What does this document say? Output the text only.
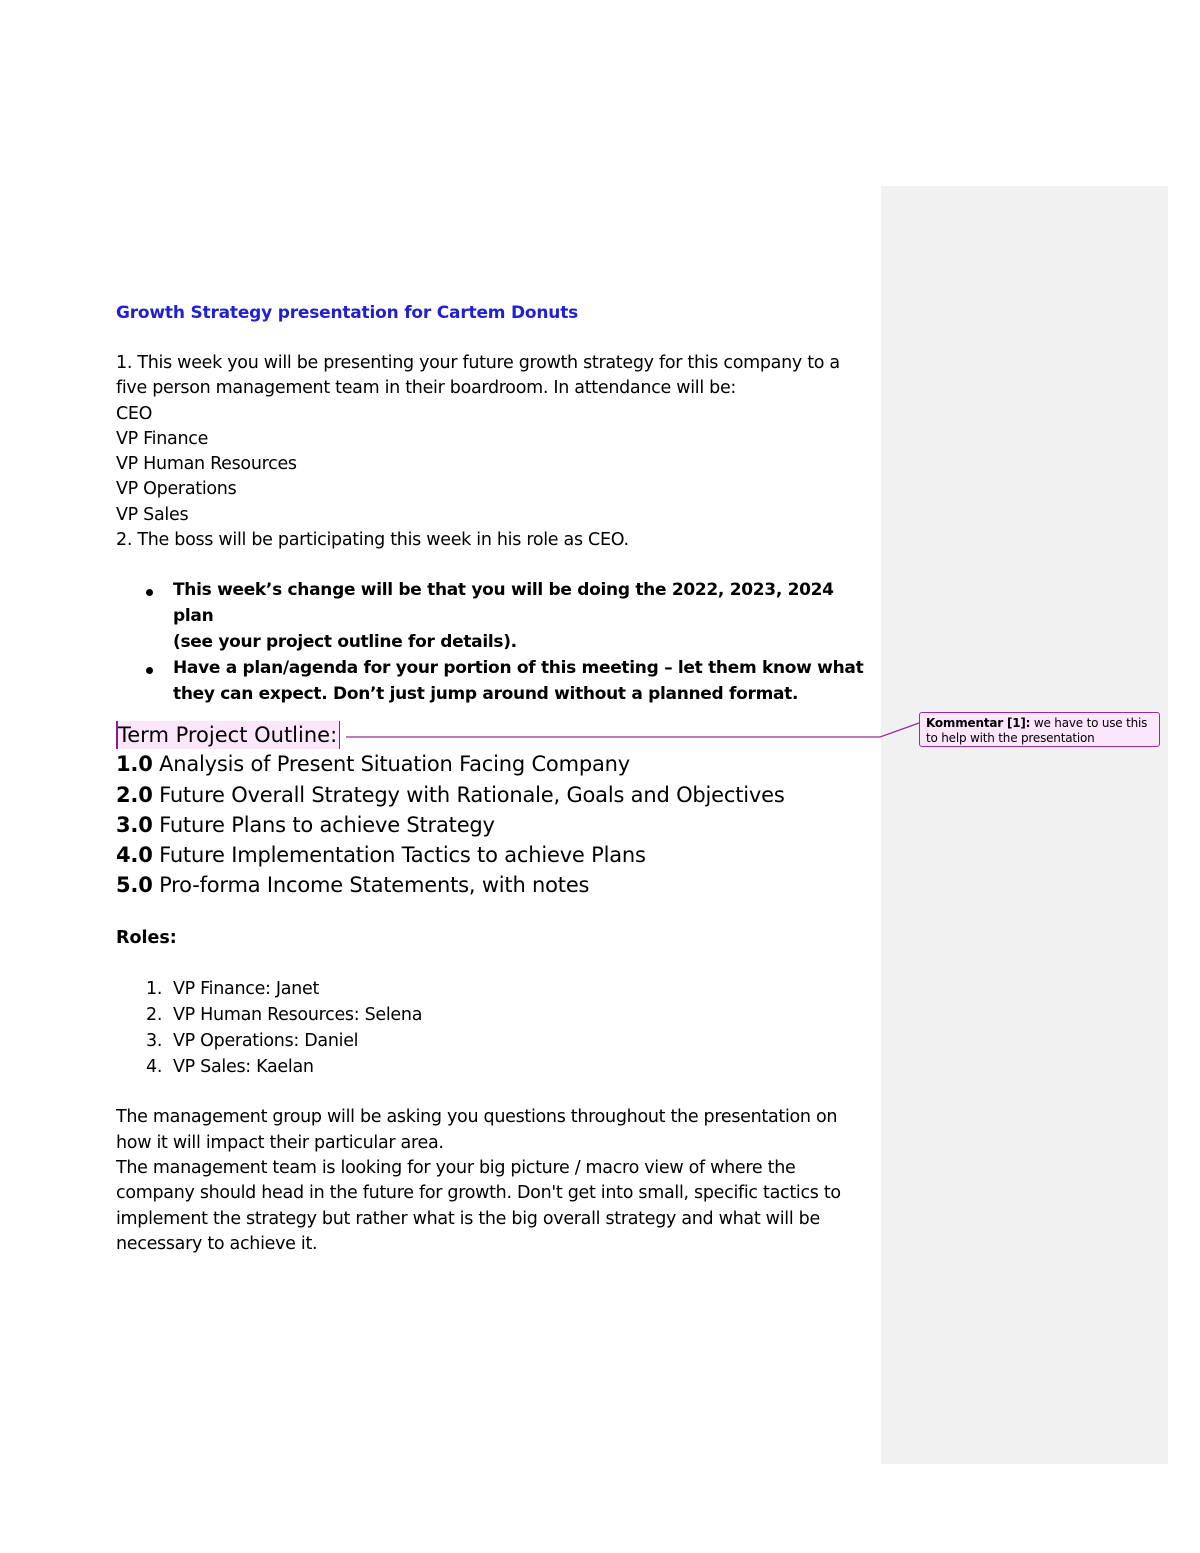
Growth Strategy presentation for Cartem Donuts

1. This week you will be presenting your future growth strategy for this company to a

five person management team in their boardroom. In attendance will be:

CEO

VP Finance

VP Human Resources

VP Operations

VP Sales

2. The boss will be participating this week in his role as CEO.

This week’s change will be that you will be doing the 2022, 2023, 2024 plan
(see your project outline for details).
Have a plan/agenda for your portion of this meeting – let them know what
they can expect. Don’t just jump around without a planned format.
Term Project Outline:
1.0 Analysis of Present Situation Facing Company
2.0 Future Overall Strategy with Rationale, Goals and Objectives
3.0 Future Plans to achieve Strategy
4.0 Future Implementation Tactics to achieve Plans
5.0 Pro-forma Income Statements, with notes

Roles:

1. VP Finance: Janet
2. VP Human Resources: Selena
3. VP Operations: Daniel
4. VP Sales: Kaelan

The management group will be asking you questions throughout the presentation on

how it will impact their particular area.

The management team is looking for your big picture / macro view of where the

company should head in the future for growth. Don't get into small, specific tactics to

implement the strategy but rather what is the big overall strategy and what will be

necessary to achieve it.

Kommentar [1]: we have to use this
to help with the presentation
